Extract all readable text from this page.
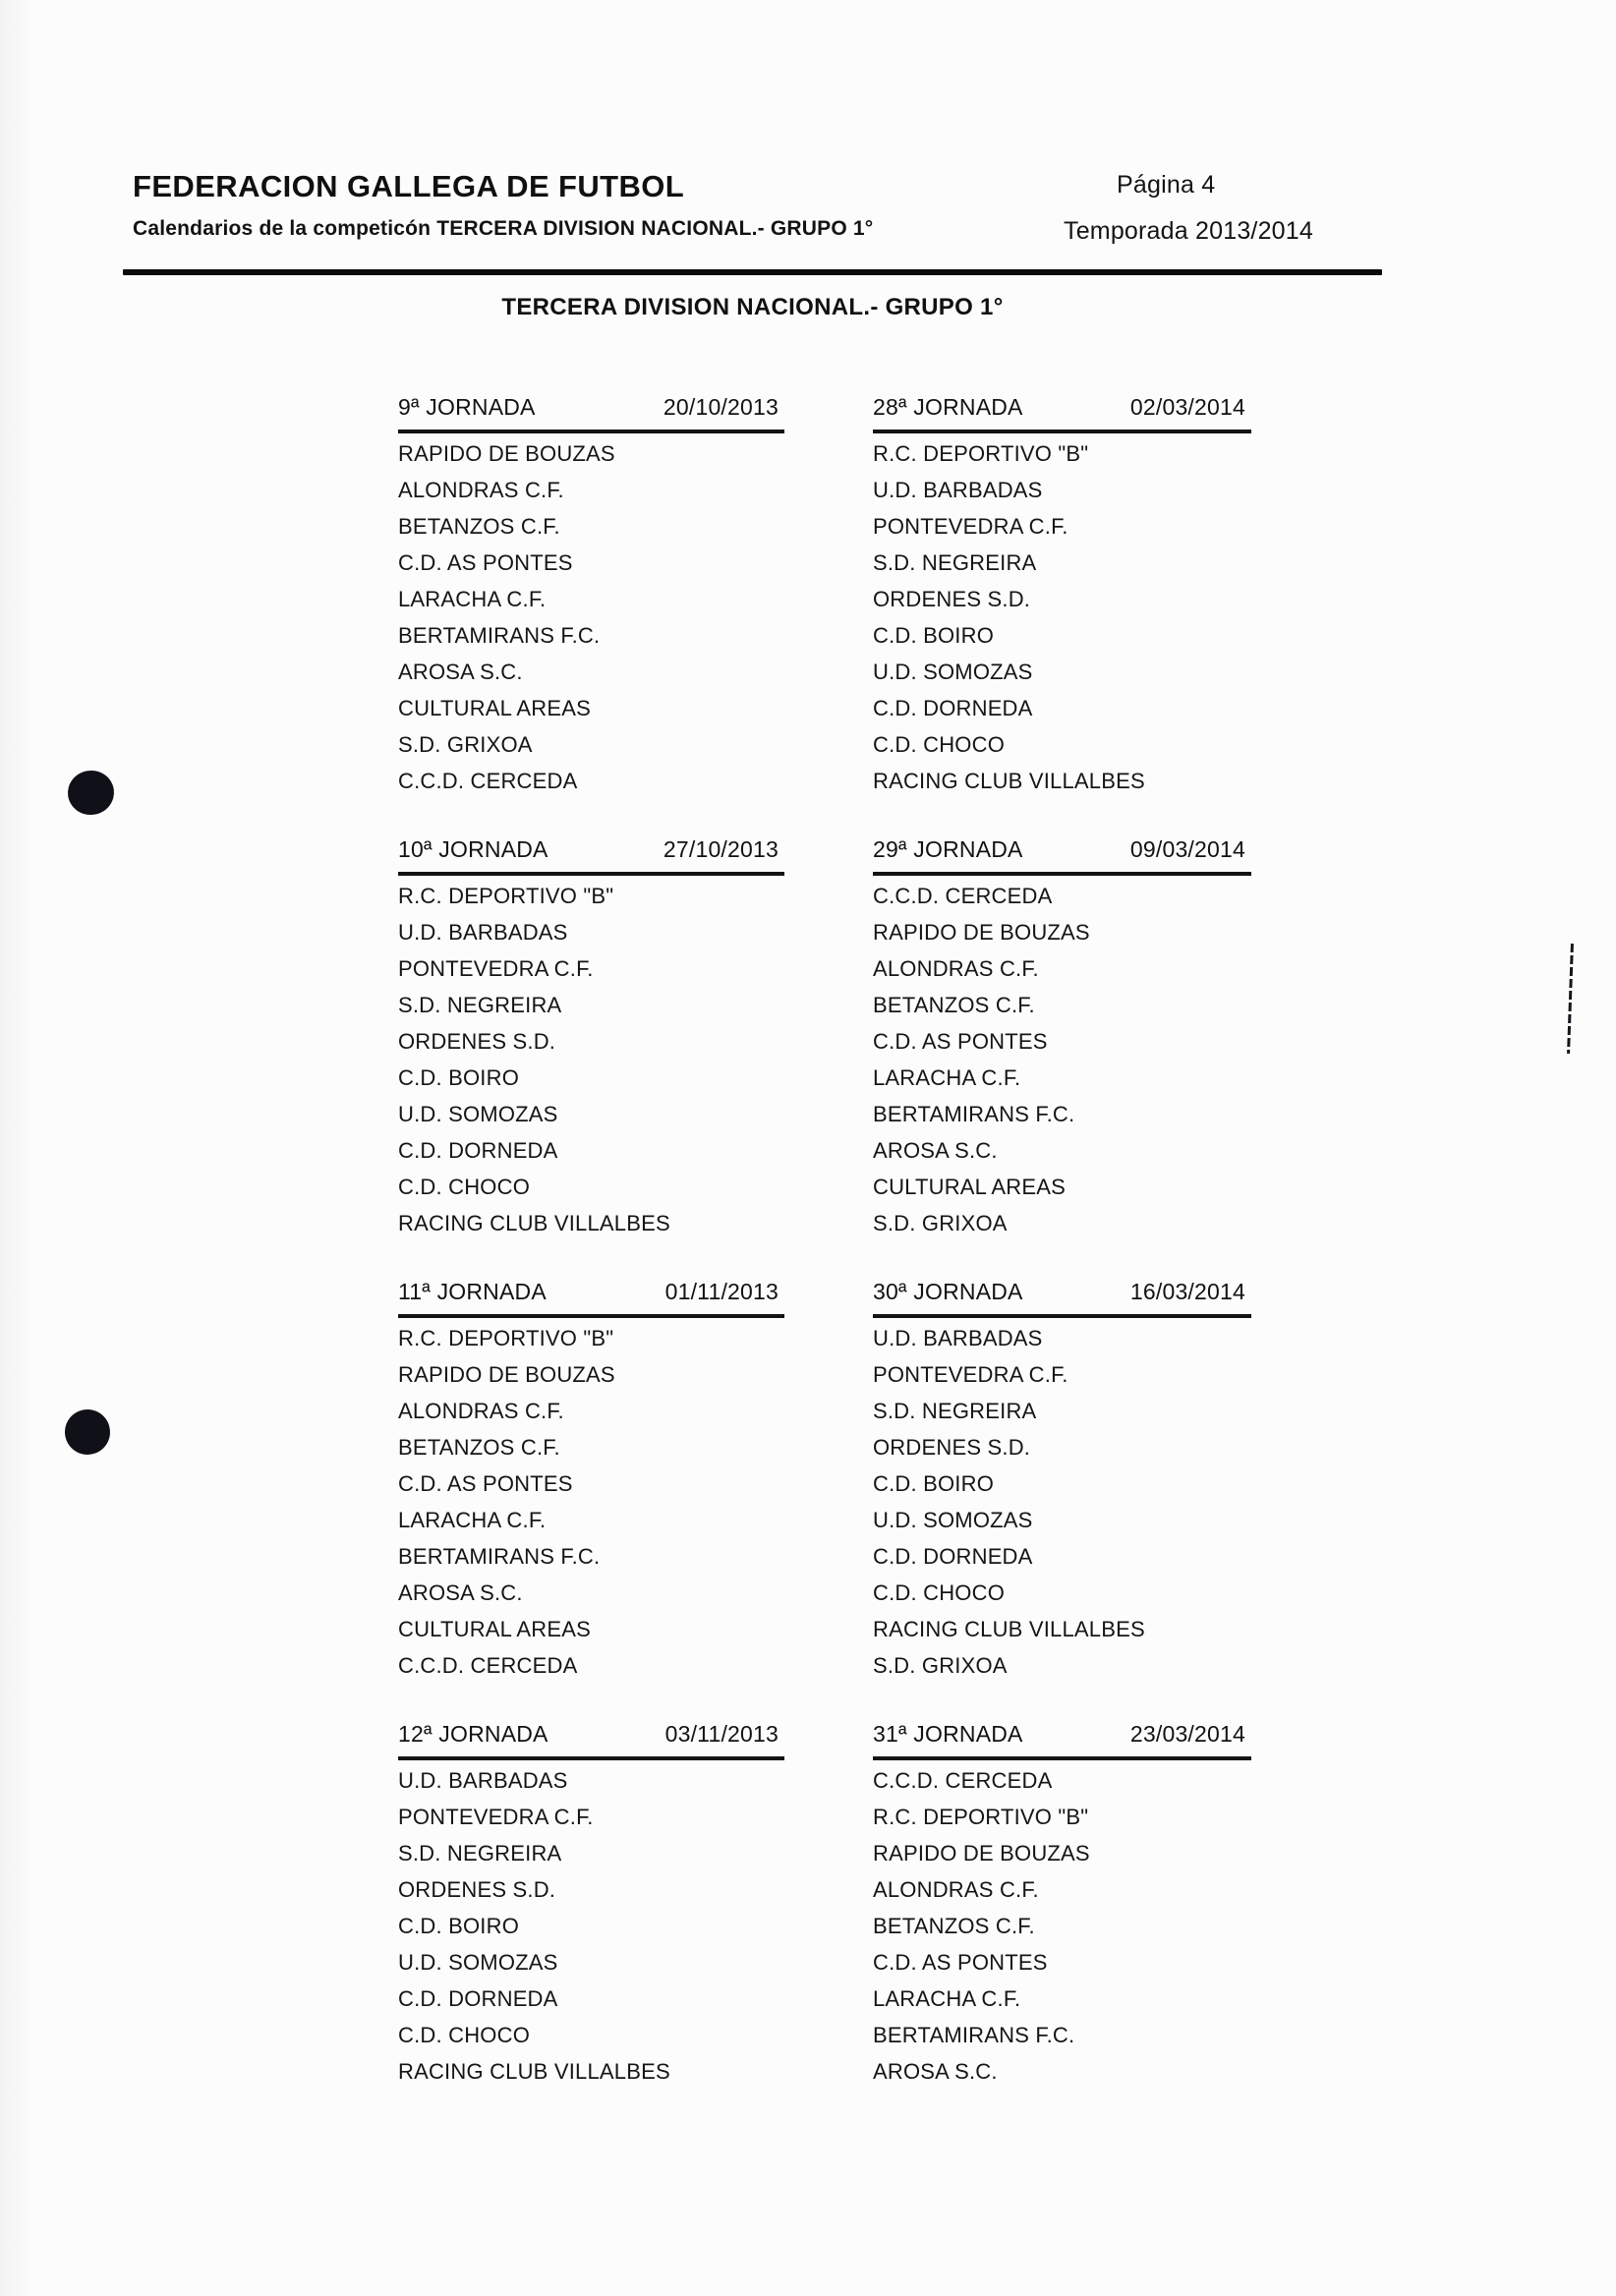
FEDERACION GALLEGA DE FUTBOL
Calendarios de la competicón TERCERA DIVISION NACIONAL.- GRUPO 1°
Página 4
Temporada 2013/2014
TERCERA DIVISION NACIONAL.- GRUPO 1°
9ª JORNADA	20/10/2013
RAPIDO DE BOUZAS
ALONDRAS C.F.
BETANZOS C.F.
C.D. AS PONTES
LARACHA C.F.
BERTAMIRANS F.C.
AROSA S.C.
CULTURAL AREAS
S.D. GRIXOA
C.C.D. CERCEDA
28ª JORNADA	02/03/2014
R.C. DEPORTIVO "B"
U.D. BARBADAS
PONTEVEDRA C.F.
S.D. NEGREIRA
ORDENES S.D.
C.D. BOIRO
U.D. SOMOZAS
C.D. DORNEDA
C.D. CHOCO
RACING CLUB VILLALBES
10ª JORNADA	27/10/2013
R.C. DEPORTIVO "B"
U.D. BARBADAS
PONTEVEDRA C.F.
S.D. NEGREIRA
ORDENES S.D.
C.D. BOIRO
U.D. SOMOZAS
C.D. DORNEDA
C.D. CHOCO
RACING CLUB VILLALBES
29ª JORNADA	09/03/2014
C.C.D. CERCEDA
RAPIDO DE BOUZAS
ALONDRAS C.F.
BETANZOS C.F.
C.D. AS PONTES
LARACHA C.F.
BERTAMIRANS F.C.
AROSA S.C.
CULTURAL AREAS
S.D. GRIXOA
11ª JORNADA	01/11/2013
R.C. DEPORTIVO "B"
RAPIDO DE BOUZAS
ALONDRAS C.F.
BETANZOS C.F.
C.D. AS PONTES
LARACHA C.F.
BERTAMIRANS F.C.
AROSA S.C.
CULTURAL AREAS
C.C.D. CERCEDA
30ª JORNADA	16/03/2014
U.D. BARBADAS
PONTEVEDRA C.F.
S.D. NEGREIRA
ORDENES S.D.
C.D. BOIRO
U.D. SOMOZAS
C.D. DORNEDA
C.D. CHOCO
RACING CLUB VILLALBES
S.D. GRIXOA
12ª JORNADA	03/11/2013
U.D. BARBADAS
PONTEVEDRA C.F.
S.D. NEGREIRA
ORDENES S.D.
C.D. BOIRO
U.D. SOMOZAS
C.D. DORNEDA
C.D. CHOCO
RACING CLUB VILLALBES
31ª JORNADA	23/03/2014
C.C.D. CERCEDA
R.C. DEPORTIVO "B"
RAPIDO DE BOUZAS
ALONDRAS C.F.
BETANZOS C.F.
C.D. AS PONTES
LARACHA C.F.
BERTAMIRANS F.C.
AROSA S.C.
